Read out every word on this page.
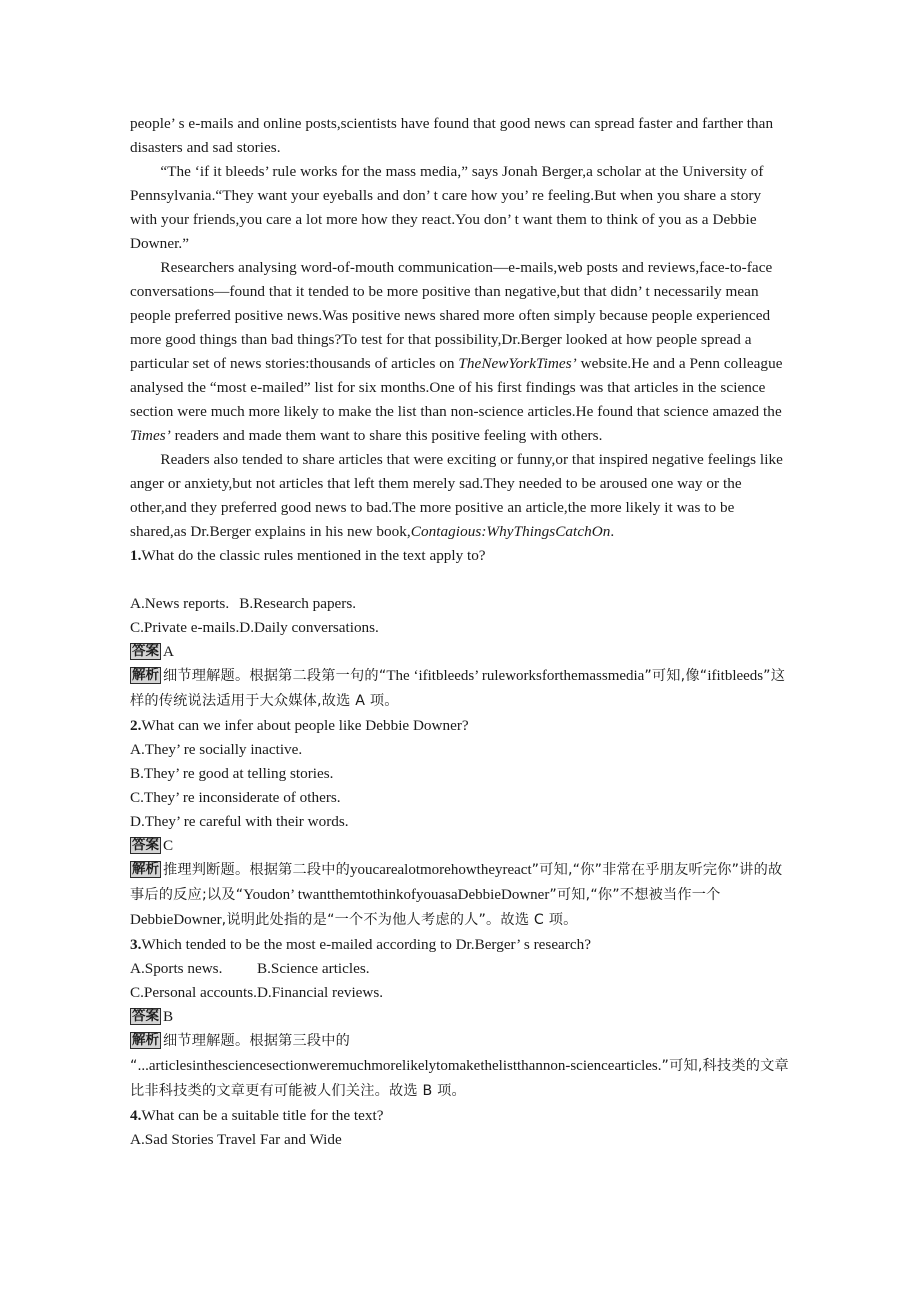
people’ s e-mails and online posts,scientists have found that good news can spread faster and farther than disasters and sad stories.

“The ‘if it bleeds’ rule works for the mass media,” says Jonah Berger,a scholar at the University of Pennsylvania.“They want your eyeballs and don’ t care how you’ re feeling.But when you share a story with your friends,you care a lot more how they react.You don’ t want them to think of you as a Debbie Downer.”

Researchers analysing word-of-mouth communication—e-mails,web posts and reviews,face-to-face conversations—found that it tended to be more positive than negative,but that didn’ t necessarily mean people preferred positive news.Was positive news shared more often simply because people experienced more good things than bad things?To test for that possibility,Dr.Berger looked at how people spread a particular set of news stories:thousands of articles on TheNewYorkTimes’ website.He and a Penn colleague analysed the “most e-mailed” list for six months.One of his first findings was that articles in the science section were much more likely to make the list than non-science articles.He found that science amazed the Times’ readers and made them want to share this positive feeling with others.

Readers also tended to share articles that were exciting or funny,or that inspired negative feelings like anger or anxiety,but not articles that left them merely sad.They needed to be aroused one way or the other,and they preferred good news to bad.The more positive an article,the more likely it was to be shared,as Dr.Berger explains in his new book,Contagious:WhyThingsCatchOn.

1.What do the classic rules mentioned in the text apply to?

A.News reports.	B.Research papers.
C.Private e-mails.	D.Daily conversations.

答案 A

解析 细节理解题。根据第二段第一句的“The ‘ifitbleeds’ ruleworksforthemassmedia”可知,像“ifitbleeds”这样的传统说法适用于大众媒体,故选 A 项。

2.What can we infer about people like Debbie Downer?

A.They’ re socially inactive.

B.They’ re good at telling stories.

C.They’ re inconsiderate of others.

D.They’ re careful with their words.

答案 C

解析 推理判断题。根据第二段中的youcarealotmorehowtheyreact”可知,“你”非常在乎朋友听完你”讲的故事后的反应;以及“Youdon’ twantthemtothinkofyouasaDebbieDowner”可知,“你”不想被当作一个 DebbieDowner,说明此处指的是“一个不为他人考虑的人”。故选 C 项。

3.Which tended to be the most e-mailed according to Dr.Berger’ s research?

A.Sports news.	B.Science articles.
C.Personal accounts.	D.Financial reviews.

答案 B

解析 细节理解题。根据第三段中的

“...articlesinthesciencesectionweremuchmorelikelytomakethelistthannon-sciencearticles.”可知,科技类的文章比非科技类的文章更有可能被人们关注。故选 B 项。

4.What can be a suitable title for the text?

A.Sad Stories Travel Far and Wide
